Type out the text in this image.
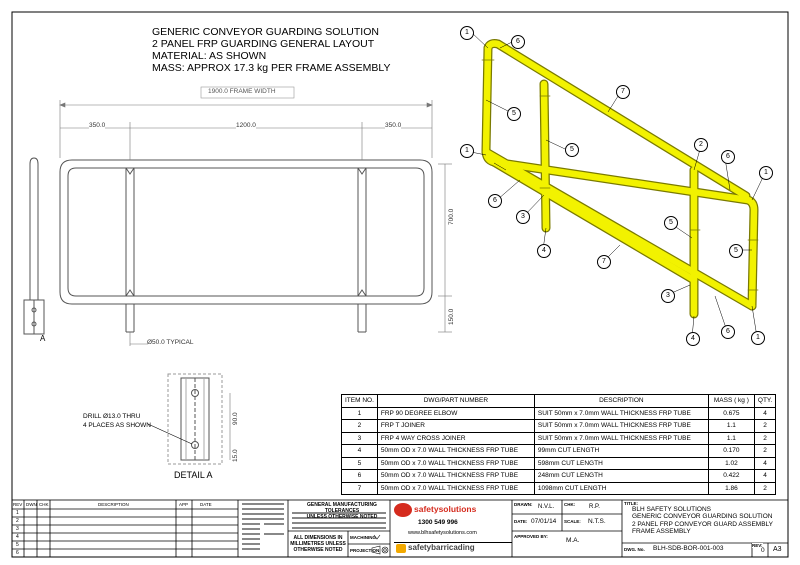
GENERIC CONVEYOR GUARDING SOLUTION
2 PANEL FRP GUARDING GENERAL LAYOUT
MATERIAL: AS SHOWN
MASS: APPROX 17.3 kg PER FRAME ASSEMBLY
1900.0 FRAME WIDTH
350.0	1200.0	350.0
700.0
150.0
Ø50.0 TYPICAL
A
DRILL Ø13.0 THRU
4 PLACES AS SHOWN
90.0
15.0
DETAIL A
1
6
5
7
1	5
2
6
1
6
3
4
5
5
7
3
6
4	1
ITEM NO.	DWG/PART NUMBER	DESCRIPTION	MASS ( kg )	QTY.
1	FRP 90 DEGREE ELBOW	SUIT 50mm x 7.0mm WALL THICKNESS FRP TUBE	0.675	4
2	FRP T JOINER	SUIT 50mm x 7.0mm WALL THICKNESS FRP TUBE	1.1	2
3	FRP 4 WAY CROSS JOINER	SUIT 50mm x 7.0mm WALL THICKNESS FRP TUBE	1.1	2
4	50mm OD x 7.0 WALL THICKNESS FRP TUBE	99mm CUT LENGTH	0.170	2
5	50mm OD x 7.0 WALL THICKNESS FRP TUBE	598mm CUT LENGTH	1.02	4
6	50mm OD x 7.0 WALL THICKNESS FRP TUBE	248mm CUT LENGTH	0.422	4
7	50mm OD x 7.0 WALL THICKNESS FRP TUBE	1098mm CUT LENGTH	1.86	2
REV DWN CHK	DESCRIPTION	APP	DATE
1
2
3
4
5
6
GENERAL MANUFACTURING TOLERANCES
UNLESS OTHERWISE NOTED
ALL DIMENSIONS IN
MILLIMETRES UNLESS
OTHERWISE NOTED
MACHINING
PROJECTION
safetysolutions
1300 549 996
www.blhsafetysolutions.com
safetybarricading
DRAWN: N.V.L. CHK: R.P.
DATE: 07/01/14 SCALE: N.T.S.
APPROVED BY:
M.A.
TITLE:
BLH SAFETY SOLUTIONS
GENERIC CONVEYOR GUARDING SOLUTION
2 PANEL FRP CONVEYOR GUARD ASSEMBLY
FRAME ASSEMBLY
DWG. No. BLH-SDB-BOR-001-003	REV:
0 A3
